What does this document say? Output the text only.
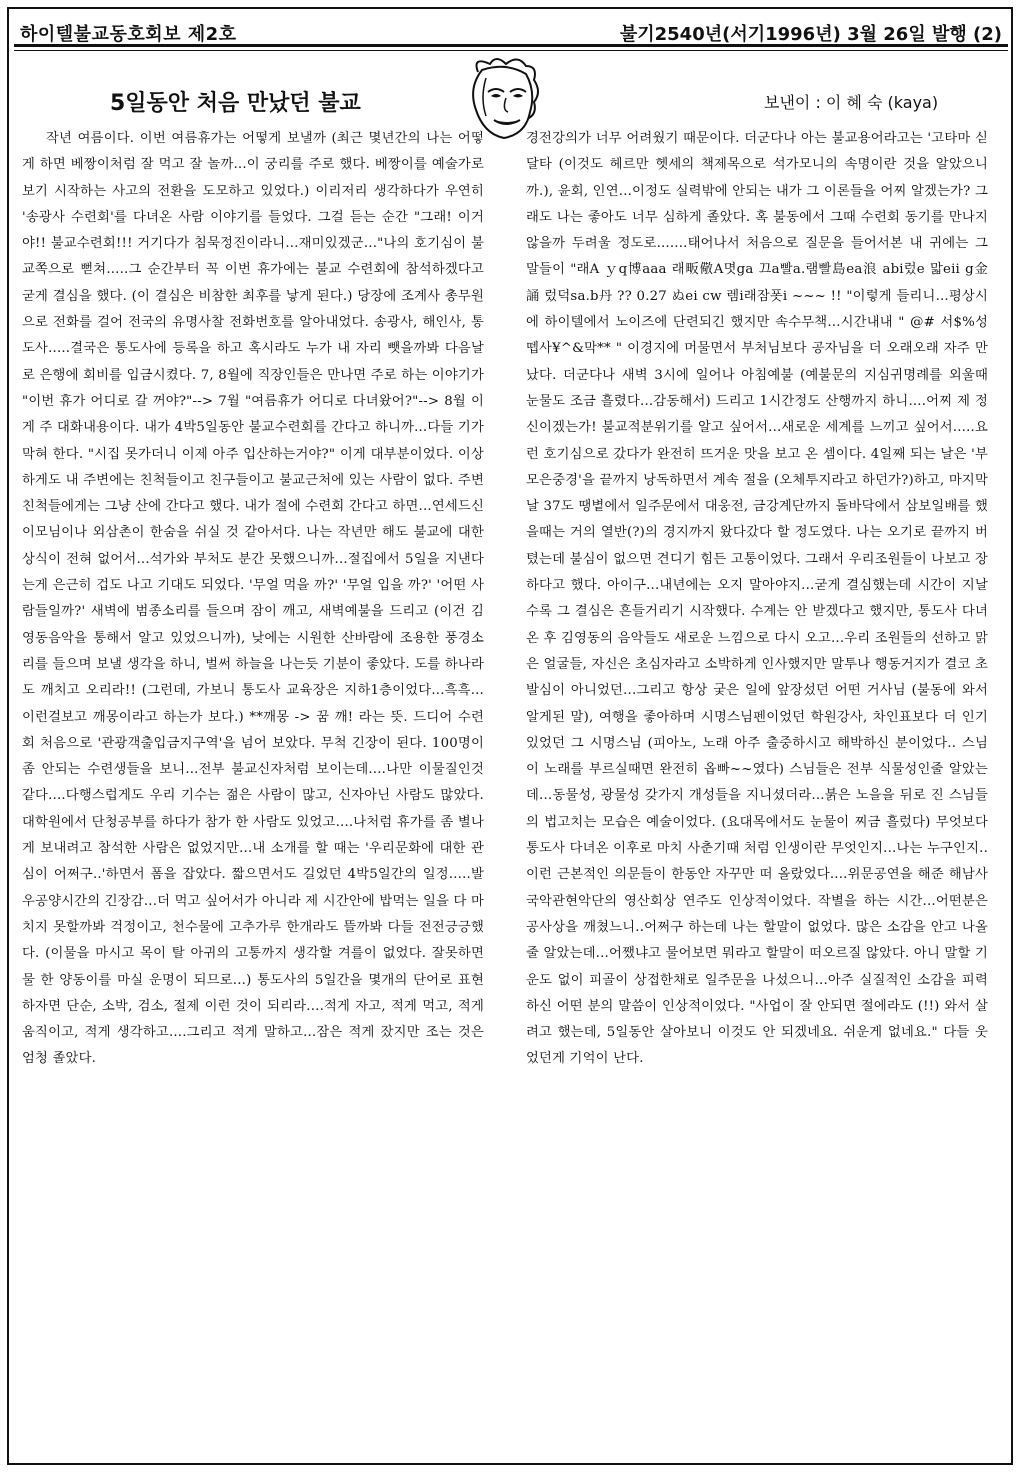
하이텔불교동호회보 제2호	불기2540년(서기1996년) 3월 26일 발행 (2)
5일동안 처음 만났던 불교	보낸이 : 이 혜 숙 (kaya)
작년 여름이다. 이번 여름휴가는 어떻게 보낼까 (최근 몇년간의 나는 어떻게 하면 베짱이처럼 잘 먹고 잘 놀까...이 궁리를 주로 했다. 베짱이를 예술가로 보기 시작하는 사고의 전환을 도모하고 있었다.) 이리저리 생각하다가 우연히 '송광사 수련회'를 다녀온 사람 이야기를 들었다. 그걸 듣는 순간 "그래! 이거야!! 불교수련회!!! 거기다가 침묵정진이라니...재미있겠군..."나의 호기심이 불교쪽으로 뻗쳐.....그 순간부터 꼭 이번 휴가에는 불교 수련회에 참석하겠다고 굳게 결심을 했다. (이 결심은 비참한 최후를 낳게 된다.) 당장에 조계사 총무원으로 전화를 걸어 전국의 유명사찰 전화번호를 알아내었다. 송광사, 해인사, 통도사.....결국은 통도사에 등록을 하고 혹시라도 누가 내 자리 뺏을까봐 다음날로 은행에 회비를 입금시켰다. 7, 8월에 직장인들은 만나면 주로 하는 이야기가 "이번 휴가 어디로 갈 꺼야?"--> 7월 "여름휴가 어디로 다녀왔어?"--> 8월 이게 주 대화내용이다. 내가 4박5일동안 불교수련회를 간다고 하니까...다들 기가막혀 한다. "시집 못가더니 이제 아주 입산하는거야?" 이게 대부분이었다. 이상하게도 내 주변에는 친척들이고 친구들이고 불교근처에 있는 사람이 없다. 주변 친척들에게는 그냥 산에 간다고 했다. 내가 절에 수련회 간다고 하면...연세드신 이모님이나 외삼촌이 한숨을 쉬실 것 같아서다. 나는 작년만 해도 불교에 대한 상식이 전혀 없어서...석가와 부처도 분간 못했으니까...절집에서 5일을 지낸다는게 은근히 겁도 나고 기대도 되었다. '무얼 먹을 까?' '무얼 입을 까?' '어떤 사람들일까?' 새벽에 범종소리를 들으며 잠이 깨고, 새벽예불을 드리고 (이건 김영동음악을 통해서 알고 있었으니까), 낮에는 시원한 산바람에 조용한 풍경소리를 들으며 보낼 생각을 하니, 벌써 하늘을 나는듯 기분이 좋았다. 도를 하나라도 깨치고 오리라!! (그런데, 가보니 통도사 교육장은 지하1층이었다...흑흑...이런걸보고 깨몽이라고 하는가 보다.) **깨몽 -> 꿈 깨! 라는 뜻. 드디어 수련회 처음으로 '관광객출입금지구역'을 넘어 보았다. 무척 긴장이 된다. 100명이 좀 안되는 수련생들을 보니...전부 불교신자처럼 보이는데....나만 이물질인것 같다....다행스럽게도 우리 기수는 젊은 사람이 많고, 신자아닌 사람도 많았다. 대학원에서 단청공부를 하다가 참가 한 사람도 있었고....나처럼 휴가를 좀 별나게 보내려고 참석한 사람은 없었지만...내 소개를 할 때는 '우리문화에 대한 관심이 어쩌구..'하면서 폼을 잡았다. 짧으면서도 길었던 4박5일간의 일정.....발우공양시간의 긴장감...더 먹고 싶어서가 아니라 제 시간안에 밥먹는 일을 다 마치지 못할까봐 걱정이고, 천수물에 고추가루 한개라도 뜰까봐 다들 전전긍긍했다. (이물을 마시고 목이 탈 아귀의 고통까지 생각할 겨를이 없었다. 잘못하면 물 한 양동이를 마실 운명이 되므로...) 통도사의 5일간을 몇개의 단어로 표현하자면 단순, 소박, 검소, 절제 이런 것이 되리라....적게 자고, 적게 먹고, 적게 움직이고, 적게 생각하고....그리고 적게 말하고...잠은 적게 잤지만 조는 것은 엄청 졸았다.
경전강의가 너무 어려웠기 때문이다. 더군다나 아는 불교용어라고는 '고타마 싣달타 (이것도 헤르만 헷세의 책제목으로 석가모니의 속명이란 것을 알았으니까.), 윤회, 인연...이정도 실력밖에 안되는 내가 그 이론들을 어찌 알겠는가? 그래도 나는 좋아도 너무 심하게 졸았다. 혹 불동에서 그때 수련회 동기를 만나지 않을까 두려울 정도로.......태어나서 처음으로 질문을 들어서본 내 귀에는 그 말들이 "래A ｙq博aaa 래畈儆A몃ga 끄a빨a.램빨島ea浪 abi렀e 맓eii g金誦 렀덕sa.b丹 ?? 0.27 ぬei cw 렘i래잠폿i ~~~ !! "이렇게 들리니...평상시에 하이텔에서 노이즈에 단련되긴 했지만 속수무책...시간내내 " @# 서$%성뗍사¥^&막** " 이경지에 머물면서 부처님보다 공자님을 더 오래오래 자주 만났다. 더군다나 새벽 3시에 일어나 아침예불 (예불문의 지심귀명례를 외울때 눈물도 조금 흘렸다...감동해서) 드리고 1시간정도 산행까지 하니....어찌 제 정신이겠는가! 불교적분위기를 알고 싶어서...새로운 세계를 느끼고 싶어서.....요런 호기심으로 갔다가 완전히 뜨거운 맛을 보고 온 셈이다. 4일째 되는 날은 '부모은중경'을 끝까지 낭독하면서 계속 절을 (오체투지라고 하던가?)하고, 마지막날 37도 땡볕에서 일주문에서 대웅전, 금강계단까지 돌바닥에서 삼보일배를 했을때는 거의 열반(?)의 경지까지 왔다갔다 할 정도였다. 나는 오기로 끝까지 버텼는데 불심이 없으면 견디기 힘든 고통이었다. 그래서 우리조원들이 나보고 장하다고 했다. 아이구...내년에는 오지 말아야지...굳게 결심했는데 시간이 지날수록 그 결심은 흔들거리기 시작했다. 수계는 안 받겠다고 했지만, 통도사 다녀온 후 김영동의 음악들도 새로운 느낌으로 다시 오고...우리 조원들의 선하고 맑은 얼굴들, 자신은 초심자라고 소박하게 인사했지만 말투나 행동거지가 결코 초발심이 아니었던...그리고 항상 궂은 일에 앞장섰던 어떤 거사님 (불동에 와서 알게된 말), 여행을 좋아하며 시명스님펜이었던 학원강사, 차인표보다 더 인기있었던 그 시명스님 (피아노, 노래 아주 출중하시고 해박하신 분이었다.. 스님이 노래를 부르실때면 완전히 옵빠~~였다) 스님들은 전부 식물성인줄 알았는데...동물성, 광물성 갖가지 개성들을 지니셨더라...붉은 노을을 뒤로 진 스님들의 법고치는 모습은 예술이었다. (요대목에서도 눈물이 찌금 흘렀다) 무엇보다 통도사 다녀온 이후로 마치 사춘기때 처럼 인생이란 무엇인지...나는 누구인지..이런 근본적인 의문들이 한동안 자꾸만 떠 올랐었다....위문공연을 해준 해남사 국악관현악단의 영산회상 연주도 인상적이었다. 작별을 하는 시간...어떤분은 공사상을 깨쳤느니..어쩌구 하는데 나는 할말이 없었다. 많은 소감을 안고 나올줄 알았는데...어쨌냐고 물어보면 뭐라고 할말이 떠오르질 않았다. 아니 말할 기운도 없이 피골이 상접한채로 일주문을 나섰으니...아주 실질적인 소감을 피력하신 어떤 분의 말씀이 인상적이었다. "사업이 잘 안되면 절에라도 (!!) 와서 살려고 했는데, 5일동안 살아보니 이것도 안 되겠네요. 쉬운게 없네요." 다들 웃었던게 기억이 난다.
